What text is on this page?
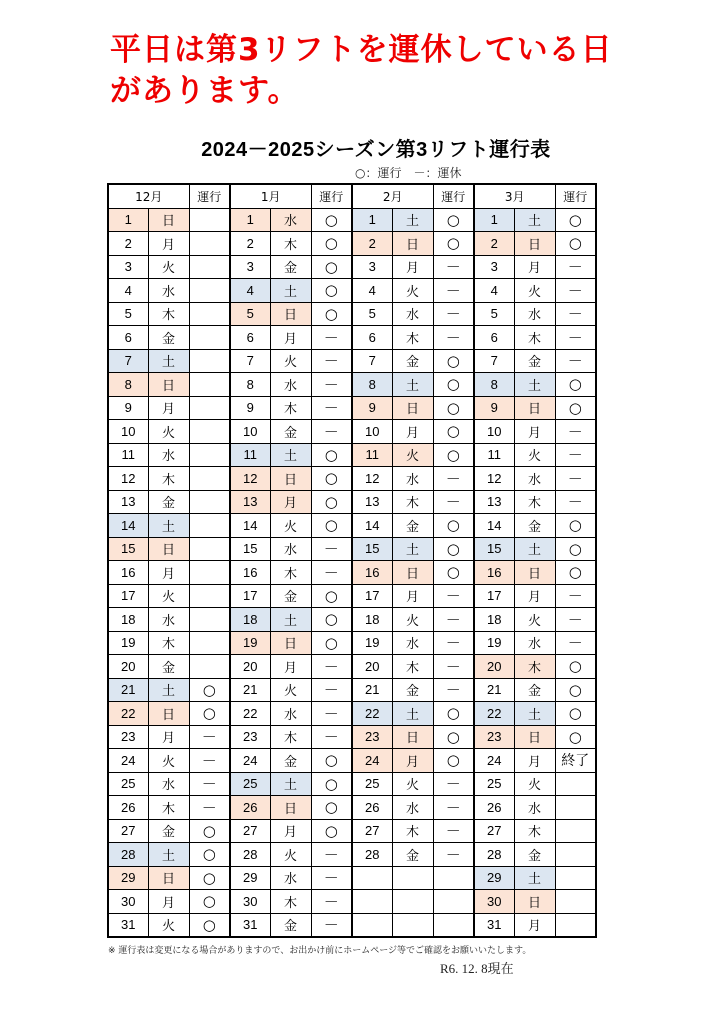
平日は第3リフトを運休している日
があります。
2024－2025シーズン第3リフト運行表
○：運行　－：運休
12月		運行	1月		運行	2月		運行	3月		運行
1	日		1	水	○	1	土	○	1	土	○
2	月		2	木	○	2	日	○	2	日	○
3	火		3	金	○	3	月	－	3	月	－
4	水		4	土	○	4	火	－	4	火	－
5	木		5	日	○	5	水	－	5	水	－
6	金		6	月	－	6	木	－	6	木	－
7	土		7	火	－	7	金	○	7	金	－
8	日		8	水	－	8	土	○	8	土	○
9	月		9	木	－	9	日	○	9	日	○
10	火		10	金	－	10	月	○	10	月	－
11	水		11	土	○	11	火	○	11	火	－
12	木		12	日	○	12	水	－	12	水	－
13	金		13	月	○	13	木	－	13	木	－
14	土		14	火	○	14	金	○	14	金	○
15	日		15	水	－	15	土	○	15	土	○
16	月		16	木	－	16	日	○	16	日	○
17	火		17	金	○	17	月	－	17	月	－
18	水		18	土	○	18	火	－	18	火	－
19	木		19	日	○	19	水	－	19	水	－
20	金		20	月	－	20	木	－	20	木	○
21	土	○	21	火	－	21	金	－	21	金	○
22	日	○	22	水	－	22	土	○	22	土	○
23	月	－	23	木	－	23	日	○	23	日	○
24	火	－	24	金	○	24	月	○	24	月	終了
25	水	－	25	土	○	25	火	－	25	火	
26	木	－	26	日	○	26	水	－	26	水	
27	金	○	27	月	○	27	木	－	27	木	
28	土	○	28	火	－	28	金	－	28	金	
29	日	○	29	水	－				29	土	
30	月	○	30	木	－				30	日	
31	火	○	31	金	－				31	月	
※ 運行表は変更になる場合がありますので、お出かけ前にホームページ等でご確認をお願いいたします。
R6. 12. 8現在
